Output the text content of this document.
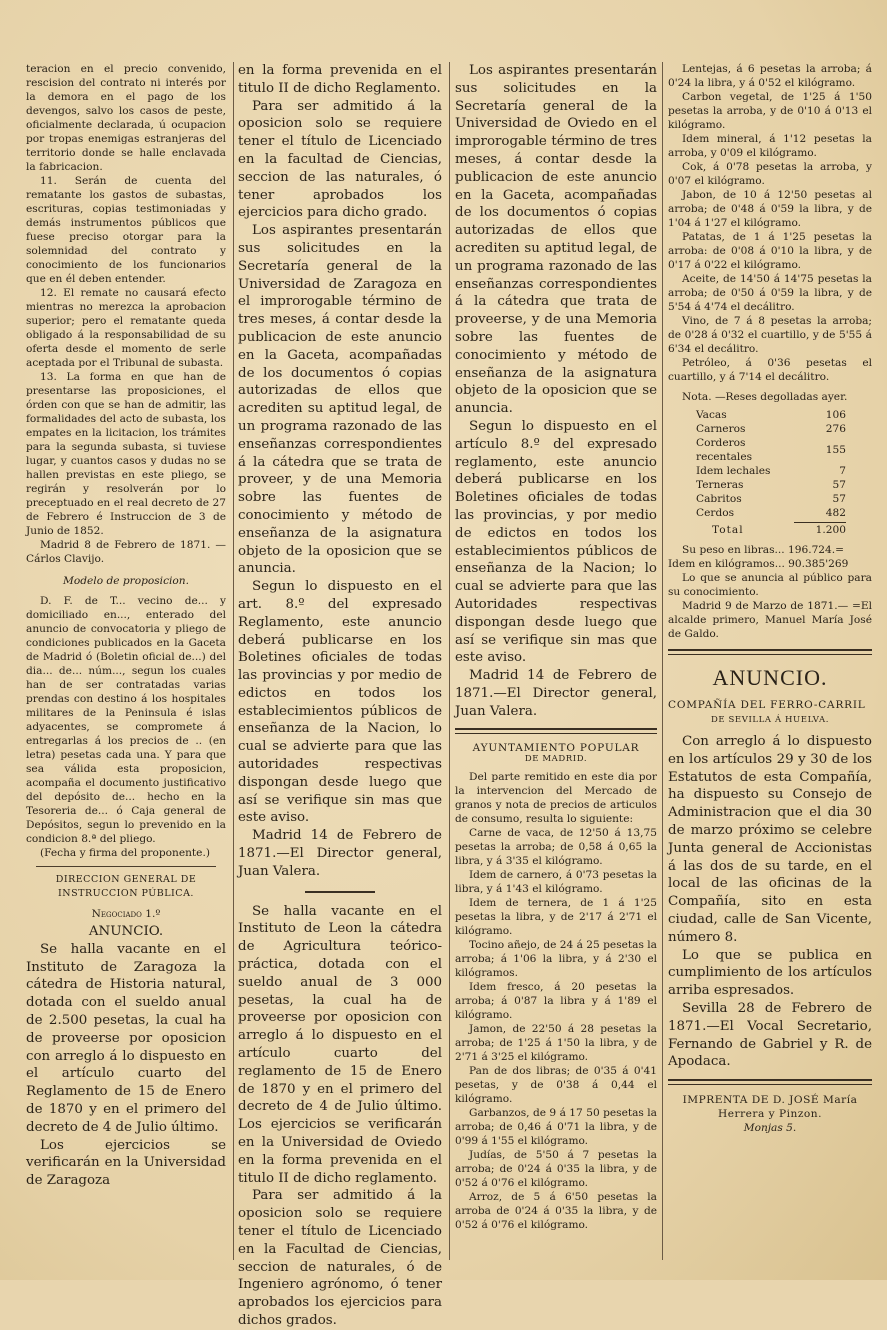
teracion en el precio convenido, rescision del contrato ni interés por la demora en el pago de los devengos, salvo los casos de peste, oficialmente declarada, ú ocupacion por tropas enemigas estranjeras del territorio donde se halle enclavada la fabricacion.

11. Serán de cuenta del rematante los gastos de subastas, escrituras, copias testimoniadas y demás instrumentos públicos que fuese preciso otorgar para la solemnidad del contrato y conocimiento de los funcionarios que en él deben entender.

12. El remate no causará efecto mientras no merezca la aprobacion superior; pero el rematante queda obligado á la responsabilidad de su oferta desde el momento de serle aceptada por el Tribunal de subasta.

13. La forma en que han de presentarse las proposiciones, el órden con que se han de admitir, las formalidades del acto de subasta, los empates en la licitacion, los trámites para la segunda subasta, si tuviese lugar, y cuantos casos y dudas no se hallen previstas en este pliego, se regirán y resolverán por lo preceptuado en el real decreto de 27 de Febrero é Instruccion de 3 de Junio de 1852.

Madrid 8 de Febrero de 1871. —Cárlos Clavijo.

Modelo de proposicion.

D. F. de T... vecino de... y domiciliado en..., enterado del anuncio de convocatoria y pliego de condiciones publicados en la Gaceta de Madrid ó (Boletin oficial de...) del dia... de... núm..., segun los cuales han de ser contratadas varias prendas con destino á los hospitales militares de la Peninsula é islas adyacentes, se compromete á entregarlas á los precios de .. (en letra) pesetas cada una. Y para que sea válida esta proposicion, acompaña el documento justificativo del depósito de... hecho en la Tesoreria de... ó Caja general de Depósitos, segun lo prevenido en la condicion 8.ª del pliego.

(Fecha y firma del proponente.)

DIRECCION GENERAL DE INSTRUCCION PÚBLICA.

Negociado 1.º

ANUNCIO.

Se halla vacante en el Instituto de Zaragoza la cátedra de Historia natural, dotada con el sueldo anual de 2.500 pesetas, la cual ha de proveerse por oposicion con arreglo á lo dispuesto en el artículo cuarto del Reglamento de 15 de Enero de 1870 y en el primero del decreto de 4 de Julio último.

Los ejercicios se verificarán en la Universidad de Zaragoza

en la forma prevenida en el titulo II de dicho Reglamento.

Para ser admitido á la oposicion solo se requiere tener el título de Licenciado en la facultad de Ciencias, seccion de las naturales, ó tener aprobados los ejercicios para dicho grado.

Los aspirantes presentarán sus solicitudes en la Secretaría general de la Universidad de Zaragoza en el improrogable término de tres meses, á contar desde la publicacion de este anuncio en la Gaceta, acompañadas de los documentos ó copias autorizadas de ellos que acrediten su aptitud legal, de un programa razonado de las enseñanzas correspondientes á la cátedra que se trata de proveer, y de una Memoria sobre las fuentes de conocimiento y método de enseñanza de la asignatura objeto de la oposicion que se anuncia.

Segun lo dispuesto en el art. 8.º del expresado Reglamento, este anuncio deberá publicarse en los Boletines oficiales de todas las provincias y por medio de edictos en todos los establecimientos públicos de enseñanza de la Nacion, lo cual se advierte para que las autoridades respectivas dispongan desde luego que así se verifique sin mas que este aviso.

Madrid 14 de Febrero de 1871.—El Director general, Juan Valera.

Se halla vacante en el Instituto de Leon la cátedra de Agricultura teórico-práctica, dotada con el sueldo anual de 3 000 pesetas, la cual ha de proveerse por oposicion con arreglo á lo dispuesto en el artículo cuarto del reglamento de 15 de Enero de 1870 y en el primero del decreto de 4 de Julio último. Los ejercicios se verificarán en la Universidad de Oviedo en la forma prevenida en el titulo II de dicho reglamento.

Para ser admitido á la oposicion solo se requiere tener el título de Licenciado en la Facultad de Ciencias, seccion de naturales, ó de Ingeniero agrónomo, ó tener aprobados los ejercicios para dichos grados.

Los aspirantes presentarán sus solicitudes en la Secretaría general de la Universidad de Oviedo en el improrogable término de tres meses, á contar desde la publicacion de este anuncio en la Gaceta, acompañadas de los documentos ó copias autorizadas de ellos que acrediten su aptitud legal, de un programa razonado de las enseñanzas correspondientes á la cátedra que trata de proveerse, y de una Memoria sobre las fuentes de conocimiento y método de enseñanza de la asignatura objeto de la oposicion que se anuncia.

Segun lo dispuesto en el artículo 8.º del expresado reglamento, este anuncio deberá publicarse en los Boletines oficiales de todas las provincias, y por medio de edictos en todos los establecimientos públicos de enseñanza de la Nacion; lo cual se advierte para que las Autoridades respectivas dispongan desde luego que así se verifique sin mas que este aviso.

Madrid 14 de Febrero de 1871.—El Director general, Juan Valera.

AYUNTAMIENTO POPULAR

DE MADRID.

Del parte remitido en este dia por la intervencion del Mercado de granos y nota de precios de articulos de consumo, resulta lo siguiente:

Carne de vaca, de 12'50 á 13,75 pesetas la arroba; de 0,58 á 0,65 la libra, y á 3'35 el kilógramo.

Idem de carnero, á 0'73 pesetas la libra, y á 1'43 el kilógramo.

Idem de ternera, de 1 á 1'25 pesetas la libra, y de 2'17 á 2'71 el kilógramo.

Tocino añejo, de 24 á 25 pesetas la arroba; á 1'06 la libra, y á 2'30 el kilógramos.

Idem fresco, á 20 pesetas la arroba; á 0'87 la libra y á 1'89 el kilógramo.

Jamon, de 22'50 á 28 pesetas la arroba; de 1'25 á 1'50 la libra, y de 2'71 á 3'25 el kilógramo.

Pan de dos libras; de 0'35 á 0'41 pesetas, y de 0'38 á 0,44 el kilógramo.

Garbanzos, de 9 á 17 50 pesetas la arroba; de 0,46 á 0'71 la libra, y de 0'99 á 1'55 el kilógramo.

Judías, de 5'50 á 7 pesetas la arroba; de 0'24 á 0'35 la libra, y de 0'52 á 0'76 el kilógramo.

Arroz, de 5 á 6'50 pesetas la arroba de 0'24 á 0'35 la libra, y de 0'52 á 0'76 el kilógramo.

Lentejas, á 6 pesetas la arroba; á 0'24 la libra, y á 0'52 el kilógramo.

Carbon vegetal, de 1'25 á 1'50 pesetas la arroba, y de 0'10 á 0'13 el kilógramo.

Idem mineral, á 1'12 pesetas la arroba, y 0'09 el kilógramo.

Cok, á 0'78 pesetas la arroba, y 0'07 el kilógramo.

Jabon, de 10 á 12'50 pesetas al arroba; de 0'48 á 0'59 la libra, y de 1'04 á 1'27 el kilógramo.

Patatas, de 1 á 1'25 pesetas la arroba: de 0'08 á 0'10 la libra, y de 0'17 á 0'22 el kilógramo.

Aceite, de 14'50 á 14'75 pesetas la arroba; de 0'50 á 0'59 la libra, y de 5'54 á 4'74 el decálitro.

Vino, de 7 á 8 pesetas la arroba; de 0'28 á 0'32 el cuartillo, y de 5'55 á 6'34 el decálitro.

Petróleo, á 0'36 pesetas el cuartillo, y á 7'14 el decálitro.

Nota. —Reses degolladas ayer.

Vacas	106
Carneros	276
Corderos recentales	155
Idem lechales	7
Terneras	57
Cabritos	57
Cerdos	482

Total	1.200

Su peso en libras... 196.724.=

Idem en kilógramos... 90.385'269

Lo que se anuncia al público para su conocimiento.

Madrid 9 de Marzo de 1871.— =El alcalde primero, Manuel María José de Galdo.

ANUNCIO.

COMPAÑÍA DEL FERRO-CARRIL

DE SEVILLA Á HUELVA.

Con arreglo á lo dispuesto en los artículos 29 y 30 de los Estatutos de esta Compañía, ha dispuesto su Consejo de Administracion que el dia 30 de marzo próximo se celebre Junta general de Accionistas á las dos de su tarde, en el local de las oficinas de la Compañía, sito en esta ciudad, calle de San Vicente, número 8.

Lo que se publica en cumplimiento de los artículos arriba espresados.

Sevilla 28 de Febrero de 1871.—El Vocal Secretario, Fernando de Gabriel y R. de Apodaca.

IMPRENTA DE D. JOSÉ María Herrera y Pinzon.

Monjas 5.
